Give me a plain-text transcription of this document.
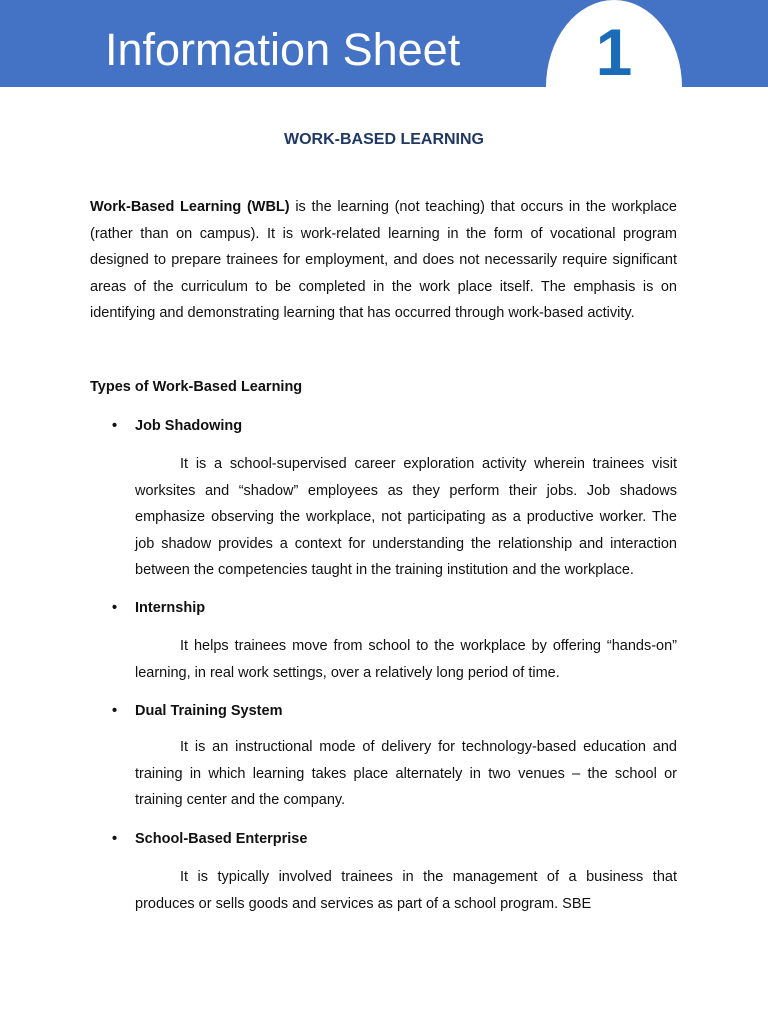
Information Sheet	1
WORK-BASED LEARNING

Work-Based Learning (WBL) is the learning (not teaching) that occurs in the workplace (rather than on campus). It is work-related learning in the form of vocational program designed to prepare trainees for employment, and does not necessarily require significant areas of the curriculum to be completed in the work place itself. The emphasis is on identifying and demonstrating learning that has occurred through work-based activity.

Types of Work-Based Learning
• Job Shadowing

It is a school-supervised career exploration activity wherein trainees visit worksites and “shadow” employees as they perform their jobs. Job shadows emphasize observing the workplace, not participating as a productive worker. The job shadow provides a context for understanding the relationship and interaction between the competencies taught in the training institution and the workplace.

• Internship

It helps trainees move from school to the workplace by offering “hands-on” learning, in real work settings, over a relatively long period of time.

• Dual Training System

It is an instructional mode of delivery for technology-based education and training in which learning takes place alternately in two venues – the school or training center and the company.

• School-Based Enterprise

It is typically involved trainees in the management of a business that produces or sells goods and services as part of a school program. SBE
